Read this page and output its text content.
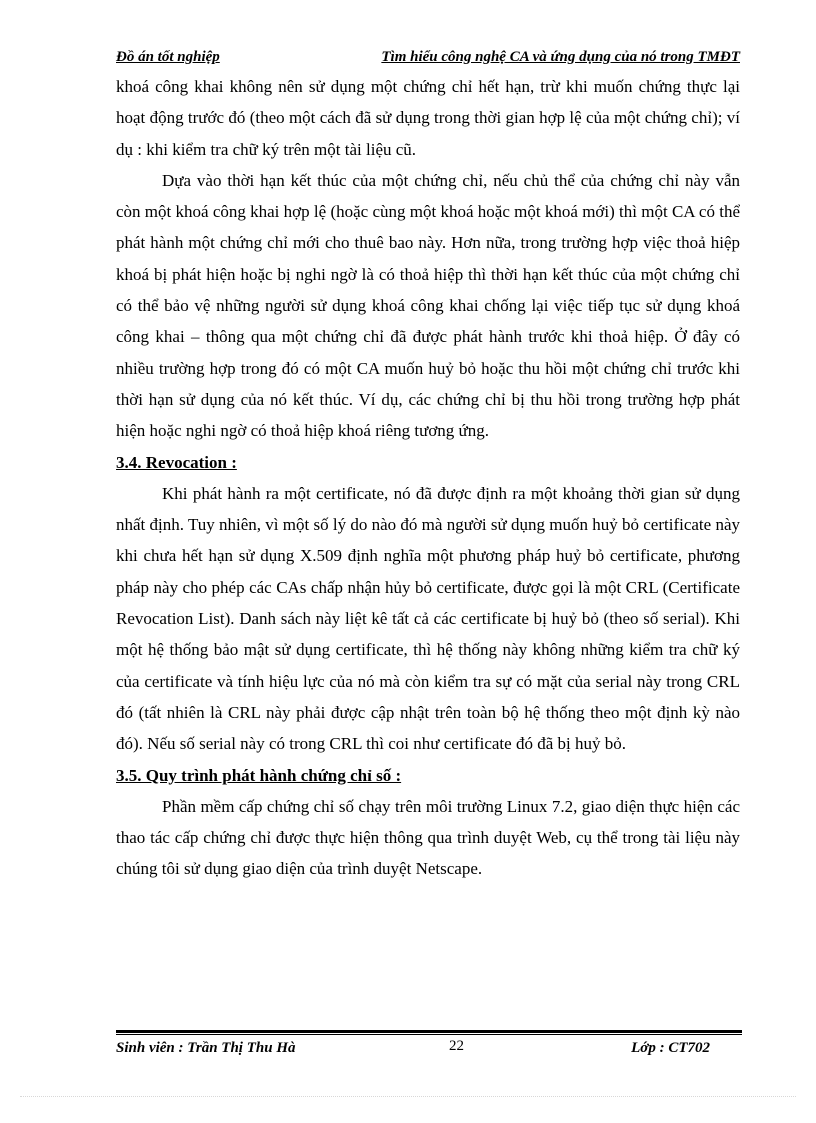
Đồ án tốt nghiệp	Tìm hiểu công nghệ CA và ứng dụng của nó trong TMĐT

khoá công khai không nên sử dụng một chứng chỉ hết hạn, trừ khi muốn chứng thực lại hoạt động trước đó (theo một cách đã sử dụng trong thời gian hợp lệ của một chứng chỉ); ví dụ : khi kiểm tra chữ ký trên một tài liệu cũ.

Dựa vào thời hạn kết thúc của một chứng chỉ, nếu chủ thể của chứng chỉ này vẫn còn một khoá công khai hợp lệ (hoặc cùng một khoá hoặc một khoá mới) thì một CA có thể phát hành một chứng chỉ mới cho thuê bao này. Hơn nữa, trong trường hợp việc thoả hiệp khoá bị phát hiện hoặc bị nghi ngờ là có thoả hiệp thì thời hạn kết thúc của một chứng chỉ có thể bảo vệ những người sử dụng khoá công khai chống lại việc tiếp tục sử dụng khoá công khai – thông qua một chứng chỉ đã được phát hành trước khi thoả hiệp. Ở đây có nhiều trường hợp trong đó có một CA muốn huỷ bỏ hoặc thu hồi một chứng chỉ trước khi thời hạn sử dụng của nó kết thúc. Ví dụ, các chứng chỉ bị thu hồi trong trường hợp phát hiện hoặc nghi ngờ có thoả hiệp khoá riêng tương ứng.

3.4. Revocation :

Khi phát hành ra một certificate, nó đã được định ra một khoảng thời gian sử dụng nhất định. Tuy nhiên, vì một số lý do nào đó mà người sử dụng muốn huỷ bỏ certificate này khi chưa hết hạn sử dụng X.509 định nghĩa một phương pháp huỷ bỏ certificate, phương pháp này cho phép các CAs chấp nhận hủy bỏ certificate, được gọi là một CRL (Certificate Revocation List). Danh sách này liệt kê tất cả các certificate bị huỷ bỏ (theo số serial). Khi một hệ thống bảo mật sử dụng certificate, thì hệ thống này không những kiểm tra chữ ký của certificate và tính hiệu lực của nó mà còn kiểm tra sự có mặt của serial này trong CRL đó (tất nhiên là CRL này phải được cập nhật trên toàn bộ hệ thống theo một định kỳ nào đó). Nếu số serial này có trong CRL thì coi như certificate đó đã bị huỷ bỏ.

3.5. Quy trình phát hành chứng chỉ số :

Phần mềm cấp chứng chỉ số chạy trên môi trường Linux 7.2, giao diện thực hiện các thao tác cấp chứng chỉ được thực hiện thông qua trình duyệt Web, cụ thể trong tài liệu này chúng tôi sử dụng giao diện của trình duyệt Netscape.

Sinh viên : Trần Thị Thu Hà	22	Lớp : CT702
